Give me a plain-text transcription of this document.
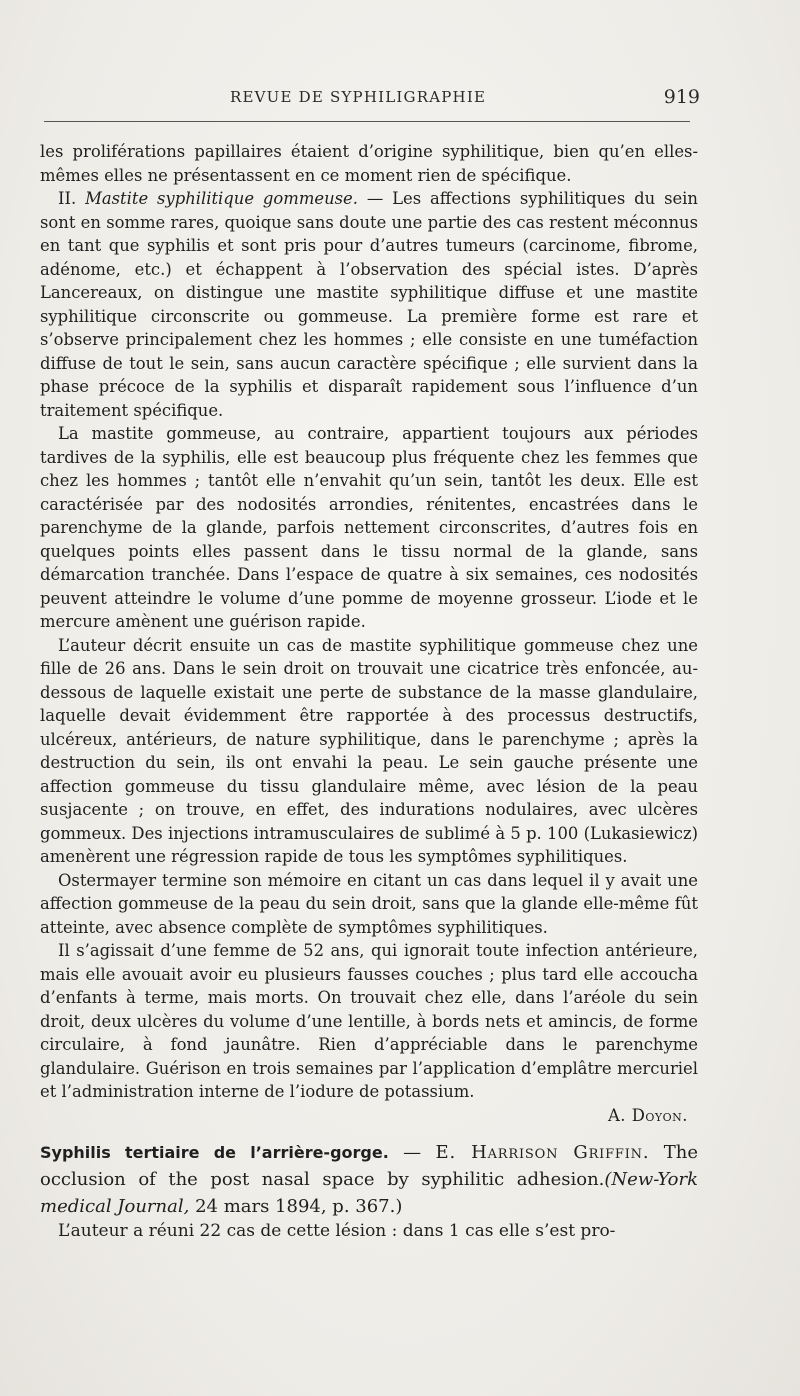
REVUE DE SYPHILIGRAPHIE	919

les proliférations papillaires étaient d’origine syphilitique, bien qu’en elles-mêmes elles ne présentassent en ce moment rien de spécifique.

II. Mastite syphilitique gommeuse. — Les affections syphilitiques du sein sont en somme rares, quoique sans doute une partie des cas restent méconnus en tant que syphilis et sont pris pour d’autres tumeurs (carcinome, fibrome, adénome, etc.) et échappent à l’observation des spécial istes. D’après Lancereaux, on distingue une mastite syphilitique diffuse et une mastite syphilitique circonscrite ou gommeuse. La première forme est rare et s’observe principalement chez les hommes ; elle consiste en une tuméfaction diffuse de tout le sein, sans aucun caractère spécifique ; elle survient dans la phase précoce de la syphilis et disparaît rapidement sous l’influence d’un traitement spécifique.

La mastite gommeuse, au contraire, appartient toujours aux périodes tardives de la syphilis, elle est beaucoup plus fréquente chez les femmes que chez les hommes ; tantôt elle n’envahit qu’un sein, tantôt les deux. Elle est caractérisée par des nodosités arrondies, rénitentes, encastrées dans le parenchyme de la glande, parfois nettement circonscrites, d’autres fois en quelques points elles passent dans le tissu normal de la glande, sans démarcation tranchée. Dans l’espace de quatre à six semaines, ces nodosités peuvent atteindre le volume d’une pomme de moyenne grosseur. L’iode et le mercure amènent une guérison rapide.

L’auteur décrit ensuite un cas de mastite syphilitique gommeuse chez une fille de 26 ans. Dans le sein droit on trouvait une cicatrice très enfoncée, au-dessous de laquelle existait une perte de substance de la masse glandulaire, laquelle devait évidemment être rapportée à des processus destructifs, ulcéreux, antérieurs, de nature syphilitique, dans le parenchyme ; après la destruction du sein, ils ont envahi la peau. Le sein gauche présente une affection gommeuse du tissu glandulaire même, avec lésion de la peau susjacente ; on trouve, en effet, des indurations nodulaires, avec ulcères gommeux. Des injections intramusculaires de sublimé à 5 p. 100 (Lukasiewicz) amenèrent une régression rapide de tous les symptômes syphilitiques.

Ostermayer termine son mémoire en citant un cas dans lequel il y avait une affection gommeuse de la peau du sein droit, sans que la glande elle-même fût atteinte, avec absence complète de symptômes syphilitiques.

Il s’agissait d’une femme de 52 ans, qui ignorait toute infection antérieure, mais elle avouait avoir eu plusieurs fausses couches ; plus tard elle accoucha d’enfants à terme, mais morts. On trouvait chez elle, dans l’aréole du sein droit, deux ulcères du volume d’une lentille, à bords nets et amincis, de forme circulaire, à fond jaunâtre. Rien d’appréciable dans le parenchyme glandulaire. Guérison en trois semaines par l’application d’emplâtre mercuriel et l’administration interne de l’iodure de potassium.

A. Doyon.

Syphilis tertiaire de l’arrière-gorge. — E. Harrison Griffin. The occlusion of the post nasal space by syphilitic adhesion.(New-York medical Journal, 24 mars 1894, p. 367.)

L’auteur a réuni 22 cas de cette lésion : dans 1 cas elle s’est pro-
